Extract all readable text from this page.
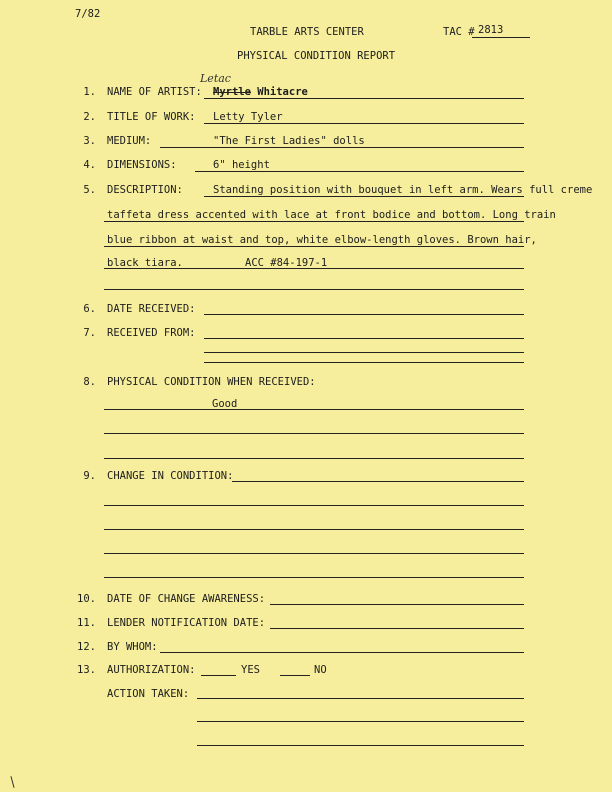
7/82
TARBLE ARTS CENTER	TAC # 2813
PHYSICAL CONDITION REPORT
1. NAME OF ARTIST:
Letac
Myrtle Whitacre
2. TITLE OF WORK: Letty Tyler
3. MEDIUM:	"The First Ladies" dolls
4. DIMENSIONS:	6" height
5. DESCRIPTION:	Standing position with bouquet in left arm. Wears full creme
taffeta dress accented with lace at front bodice and bottom. Long train
blue ribbon at waist and top, white elbow-length gloves. Brown hair,
black tiara.	ACC #84-197-1
6. DATE RECEIVED:
7. RECEIVED FROM:
8. PHYSICAL CONDITION WHEN RECEIVED:
Good
9. CHANGE IN CONDITION:
10. DATE OF CHANGE AWARENESS:
11. LENDER NOTIFICATION DATE:
12. BY WHOM:
13. AUTHORIZATION:	YES	NO
ACTION TAKEN:
